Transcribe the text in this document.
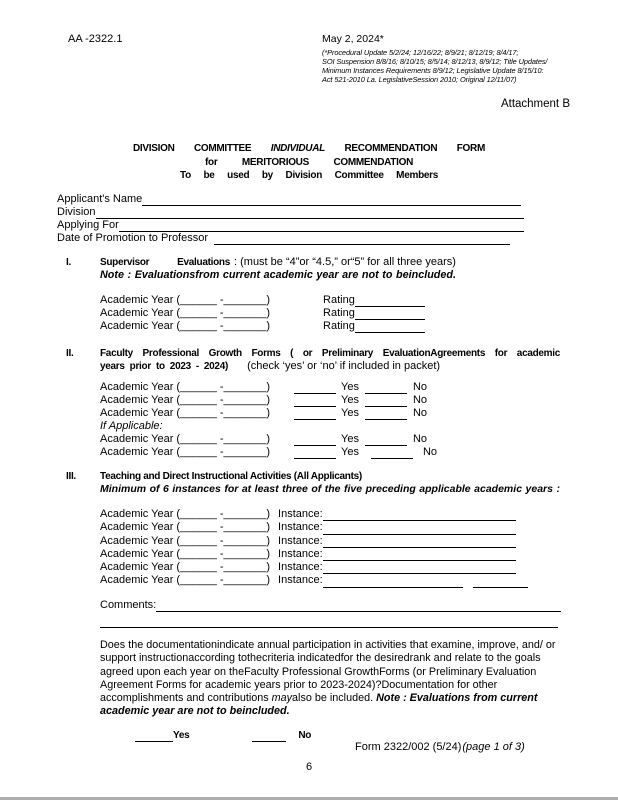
AA -2322.1	May 2, 2024*
(*Procedural Update 5/2/24; 12/16/22; 8/9/21; 8/12/19; 8/4/17;
SOI Suspension 8/8/16; 8/10/15; 8/5/14; 8/12/13, 8/9/12; Title Updates/
Minimum Instances Requirements 8/9/12; Legislative Update 8/15/10:
Act 521-2010 La. LegislativeSession 2010; Original 12/11/07)
Attachment B
DIVISION COMMITTEE INDIVIDUAL RECOMMENDATION FORM
for MERITORIOUS COMMENDATION
To be used by Division Committee Members
Applicant's Name
Division
Applying For
Date of Promotion to Professor
I.	Supervisor Evaluations : (must be “4”or “4.5,” or“5” for all three years)
Note : Evaluationsfrom current academic year are not to beincluded.
Academic Year (______ -_______)	Rating
Academic Year (______ -_______)	Rating
Academic Year (______ -_______)	Rating
II.	Faculty Professional Growth Forms ( or Preliminary EvaluationAgreements for academic
years prior to 2023 - 2024) (check ‘yes’ or ‘no’ if included in packet)
Academic Year (______ -_______)	Yes	No
Academic Year (______ -_______)	Yes	No
Academic Year (______ -_______)	Yes	No
If Applicable:
Academic Year (______ -_______)	Yes	No
Academic Year (______ -_______)	Yes	No
III.	Teaching and Direct Instructional Activities (All Applicants)
Minimum of 6 instances for at least three of the five preceding applicable academic years :
Academic Year (______ -_______) Instance:
Academic Year (______ -_______) Instance:
Academic Year (______ -_______) Instance:
Academic Year (______ -_______) Instance:
Academic Year (______ -_______) Instance:
Academic Year (______ -_______) Instance:
Comments:
Does the documentationindicate annual participation in activities that examine, improve, and/ or support instructionaccording tothecriteria indicatedfor the desiredrank and relate to the goals agreed upon each year on theFaculty Professional GrowthForms (or Preliminary Evaluation Agreement Forms for academic years prior to 2023-2024)?Documentation for other accomplishments and contributions mayalso be included. Note : Evaluations from current academic year are not to beincluded.
Yes	No
Form 2322/002 (5/24)(page 1 of 3)
6
